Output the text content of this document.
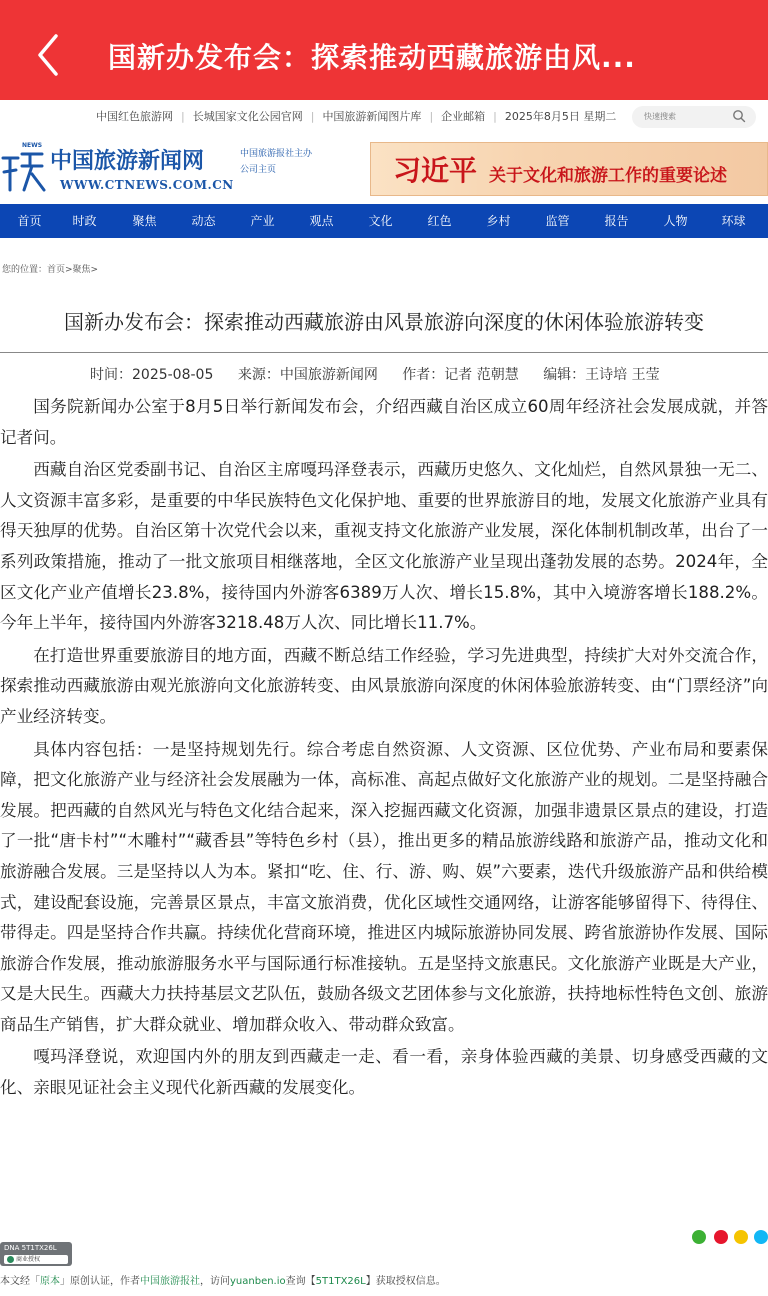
国新办发布会：探索推动西藏旅游由风...
中国红色旅游网 | 长城国家文化公园官网 | 中国旅游新闻图片库 | 企业邮箱 | 2025年8月5日 星期二	快速搜索
NEWS
中国旅游新闻网
WWW.CTNEWS.COM.CN
中国旅游报社主办
公司主页	习近平 关于文化和旅游工作的重要论述
首页	时政	聚焦	动态	产业	观点	文化	红色	乡村	监管	报告	人物	环球
您的位置：首页>聚焦>
国新办发布会：探索推动西藏旅游由风景旅游向深度的休闲体验旅游转变
时间：2025-08-05 来源：中国旅游新闻网 作者：记者 范朝慧 编辑：王诗培 王莹

国务院新闻办公室于8月5日举行新闻发布会，介绍西藏自治区成立60周年经济社会发展成就，并答记者问。

西藏自治区党委副书记、自治区主席嘎玛泽登表示，西藏历史悠久、文化灿烂，自然风景独一无二、人文资源丰富多彩，是重要的中华民族特色文化保护地、重要的世界旅游目的地，发展文化旅游产业具有得天独厚的优势。自治区第十次党代会以来，重视支持文化旅游产业发展，深化体制机制改革，出台了一系列政策措施，推动了一批文旅项目相继落地，全区文化旅游产业呈现出蓬勃发展的态势。2024年，全区文化产业产值增长23.8%，接待国内外游客6389万人次、增长15.8%，其中入境游客增长188.2%。今年上半年，接待国内外游客3218.48万人次、同比增长11.7%。

在打造世界重要旅游目的地方面，西藏不断总结工作经验，学习先进典型，持续扩大对外交流合作，探索推动西藏旅游由观光旅游向文化旅游转变、由风景旅游向深度的休闲体验旅游转变、由“门票经济”向产业经济转变。

具体内容包括：一是坚持规划先行。综合考虑自然资源、人文资源、区位优势、产业布局和要素保障，把文化旅游产业与经济社会发展融为一体，高标准、高起点做好文化旅游产业的规划。二是坚持融合发展。把西藏的自然风光与特色文化结合起来，深入挖掘西藏文化资源，加强非遗景区景点的建设，打造了一批“唐卡村”“木雕村”“藏香县”等特色乡村（县），推出更多的精品旅游线路和旅游产品，推动文化和旅游融合发展。三是坚持以人为本。紧扣“吃、住、行、游、购、娱”六要素，迭代升级旅游产品和供给模式，建设配套设施，完善景区景点，丰富文旅消费，优化区域性交通网络，让游客能够留得下、待得住、带得走。四是坚持合作共赢。持续优化营商环境，推进区内城际旅游协同发展、跨省旅游协作发展、国际旅游合作发展，推动旅游服务水平与国际通行标准接轨。五是坚持文旅惠民。文化旅游产业既是大产业，又是大民生。西藏大力扶持基层文艺队伍，鼓励各级文艺团体参与文化旅游，扶持地标性特色文创、旅游商品生产销售，扩大群众就业、增加群众收入、带动群众致富。

嘎玛泽登说，欢迎国内外的朋友到西藏走一走、看一看，亲身体验西藏的美景、切身感受西藏的文化、亲眼见证社会主义现代化新西藏的发展变化。

DNA 5T1TX26L
商业授权
本文经「原本」原创认证，作者中国旅游报社，访问yuanben.io查询【5T1TX26L】获取授权信息。
